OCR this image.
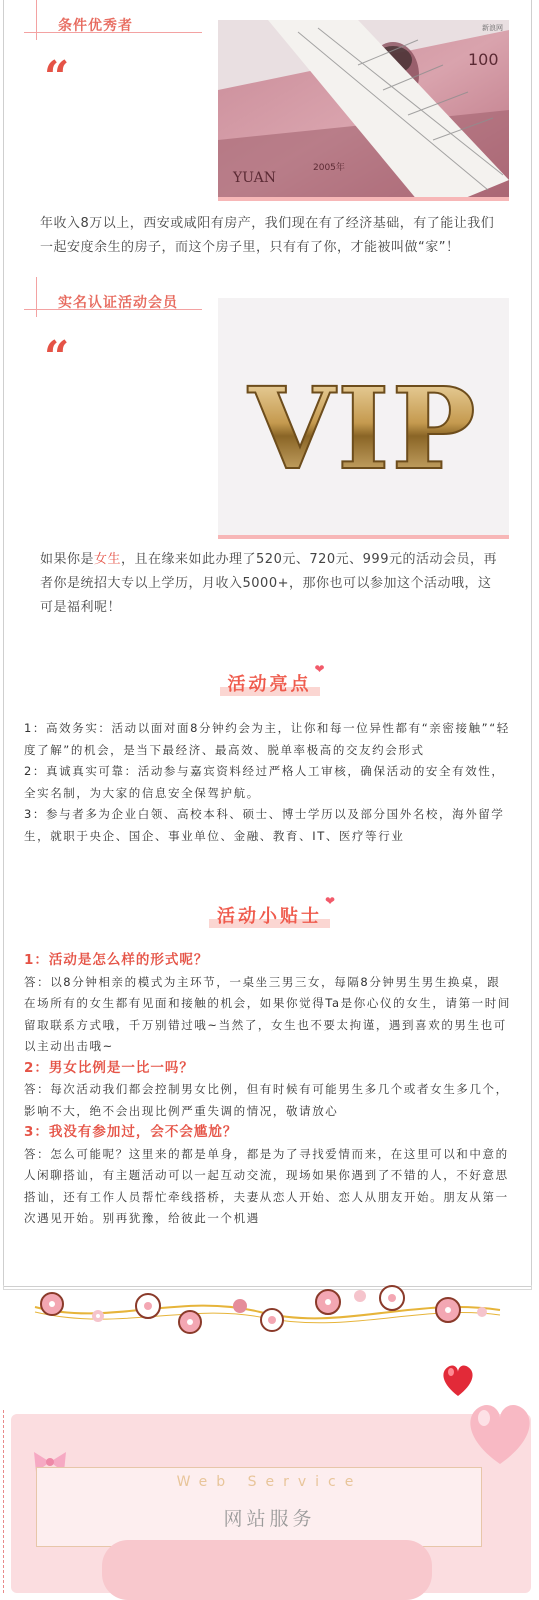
条件优秀者
“
YUAN
2005年
100
新浪网
年收入8万以上，西安或咸阳有房产，我们现在有了经济基础，有了能让我们一起安度余生的房子，而这个房子里，只有有了你，才能被叫做“家”！
实名认证活动会员
“
VIP
如果你是女生，且在缘来如此办理了520元、720元、999元的活动会员，再者你是统招大专以上学历，月收入5000+，那你也可以参加这个活动哦，这可是福利呢！
活动亮点
❤
1：高效务实：活动以面对面8分钟约会为主，让你和每一位异性都有“亲密接触”“轻度了解”的机会，是当下最经济、最高效、脱单率极高的交友约会形式
2：真诚真实可靠：活动参与嘉宾资料经过严格人工审核，确保活动的安全有效性，全实名制，为大家的信息安全保驾护航。
3：参与者多为企业白领、高校本科、硕士、博士学历以及部分国外名校，海外留学生，就职于央企、国企、事业单位、金融、教育、IT、医疗等行业
活动小贴士
❤
1：活动是怎么样的形式呢？
答：以8分钟相亲的模式为主环节，一桌坐三男三女，每隔8分钟男生男生换桌，跟在场所有的女生都有见面和接触的机会，如果你觉得Ta是你心仪的女生，请第一时间留取联系方式哦，千万别错过哦~当然了，女生也不要太拘谨，遇到喜欢的男生也可以主动出击哦~
2：男女比例是一比一吗？
答：每次活动我们都会控制男女比例，但有时候有可能男生多几个或者女生多几个，影响不大，绝不会出现比例严重失调的情况，敬请放心
3：我没有参加过，会不会尴尬？
答：怎么可能呢？这里来的都是单身，都是为了寻找爱情而来，在这里可以和中意的人闲聊搭讪，有主题活动可以一起互动交流，现场如果你遇到了不错的人，不好意思搭讪，还有工作人员帮忙牵线搭桥，夫妻从恋人开始、恋人从朋友开始。朋友从第一次遇见开始。别再犹豫，给彼此一个机遇
Web Service
网站服务
